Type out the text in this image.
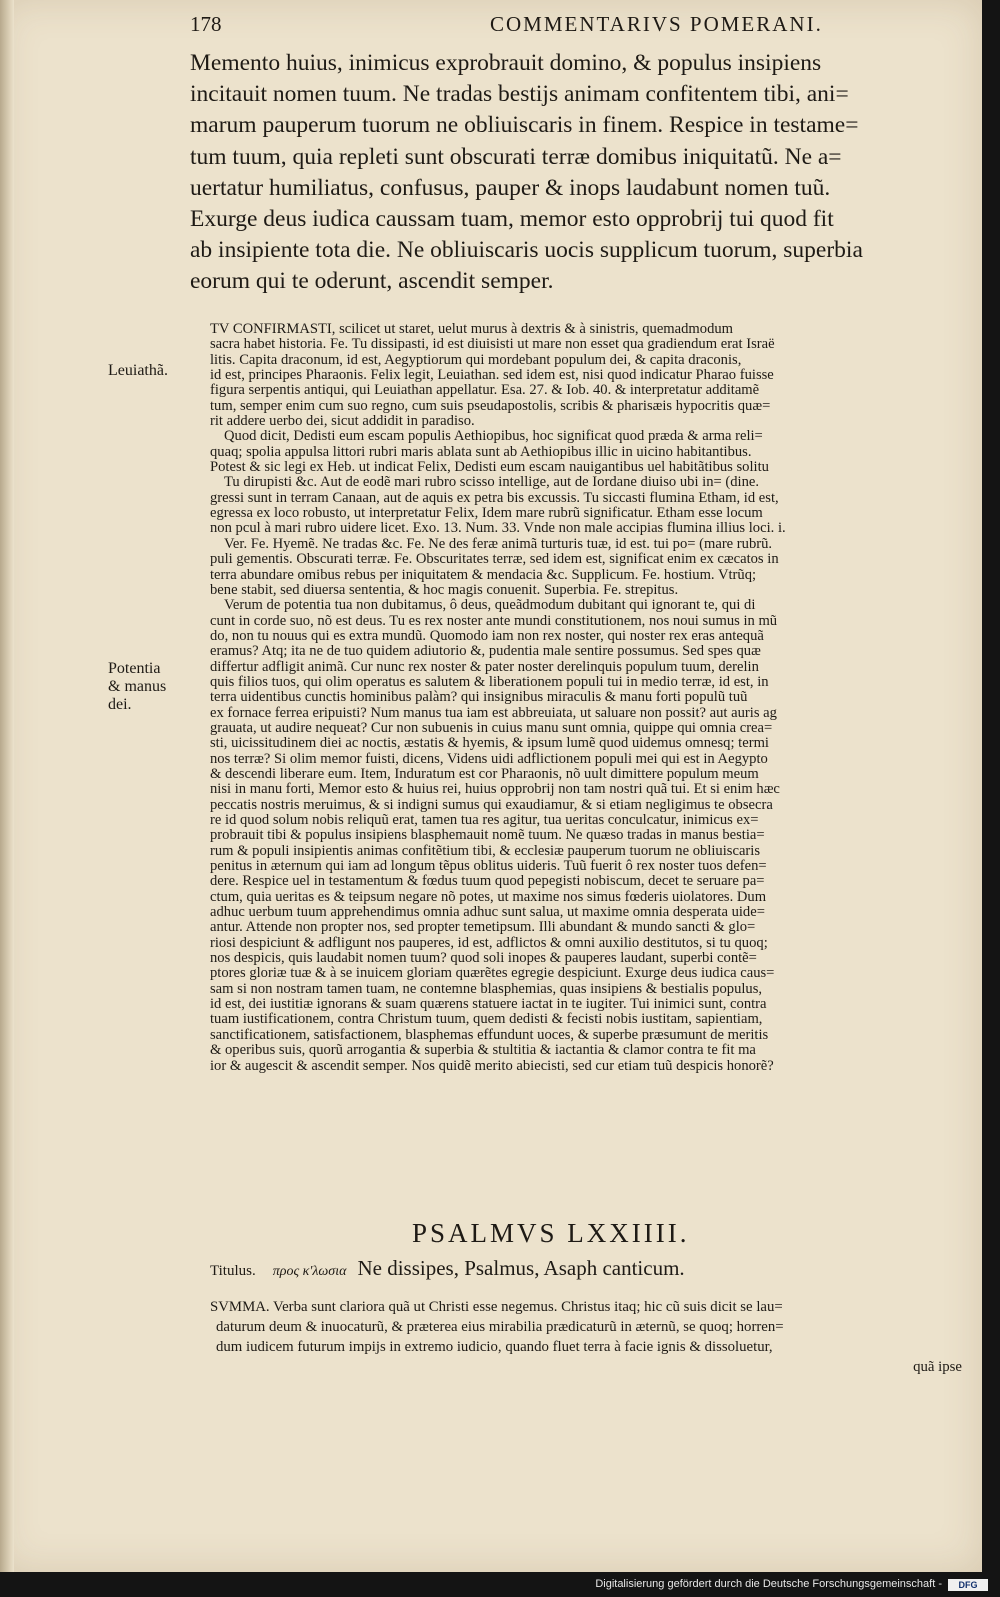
178	COMMENTARIVS POMERANI.
Memento huius, inimicus exprobrauit domino, & populus insipiens
incitauit nomen tuum. Ne tradas bestijs animam confitentem tibi, ani=
marum pauperum tuorum ne obliuiscaris in finem. Respice in testame=
tum tuum, quia repleti sunt obscurati terræ domibus iniquitatũ. Ne a=
uertatur humiliatus, confusus, pauper & inops laudabunt nomen tuũ.
Exurge deus iudica caussam tuam, memor esto opprobrij tui quod fit
ab insipiente tota die. Ne obliuiscaris uocis supplicum tuorum, superbia
eorum qui te oderunt, ascendit semper.
Leuiathã.
Potentia
& manus
dei.
TV CONFIRMASTI, scilicet ut staret, uelut murus à dextris & à sinistris, quemadmodum
sacra habet historia. Fe. Tu dissipasti, id est diuisisti ut mare non esset qua gradiendum erat Israë
litis. Capita draconum, id est, Aegyptiorum qui mordebant populum dei, & capita draconis,
id est, principes Pharaonis. Felix legit, Leuiathan. sed idem est, nisi quod indicatur Pharao fuisse
figura serpentis antiqui, qui Leuiathan appellatur. Esa. 27. & Iob. 40. & interpretatur additamẽ
tum, semper enim cum suo regno, cum suis pseudapostolis, scribis & pharisæis hypocritis quæ=
rit addere uerbo dei, sicut addidit in paradiso.
Quod dicit, Dedisti eum escam populis Aethiopibus, hoc significat quod præda & arma reli=
quaq; spolia appulsa littori rubri maris ablata sunt ab Aethiopibus illic in uicino habitantibus.
Potest & sic legi ex Heb. ut indicat Felix, Dedisti eum escam nauigantibus uel habitãtibus solitu
Tu dirupisti &c. Aut de eodẽ mari rubro scisso intellige, aut de Iordane diuiso ubi in= (dine.
gressi sunt in terram Canaan, aut de aquis ex petra bis excussis. Tu siccasti flumina Etham, id est,
egressa ex loco robusto, ut interpretatur Felix, Idem mare rubrũ significatur. Etham esse locum
non pcul à mari rubro uidere licet. Exo. 13. Num. 33. Vnde non male accipias flumina illius loci. i.
Ver. Fe. Hyemẽ. Ne tradas &c. Fe. Ne des feræ animã turturis tuæ, id est. tui po= (mare rubrũ.
puli gementis. Obscurati terræ. Fe. Obscuritates terræ, sed idem est, significat enim ex cæcatos in
terra abundare omibus rebus per iniquitatem & mendacia &c. Supplicum. Fe. hostium. Vtrũq;
bene stabit, sed diuersa sententia, & hoc magis conuenit. Superbia. Fe. strepitus.
Verum de potentia tua non dubitamus, ô deus, queãdmodum dubitant qui ignorant te, qui di
cunt in corde suo, nõ est deus. Tu es rex noster ante mundi constitutionem, nos noui sumus in mũ
do, non tu nouus qui es extra mundũ. Quomodo iam non rex noster, qui noster rex eras antequã
eramus? Atq; ita ne de tuo quidem adiutorio &, pudentia male sentire possumus. Sed spes quæ
differtur adfligit animã. Cur nunc rex noster & pater noster derelinquis populum tuum, derelin
quis filios tuos, qui olim operatus es salutem & liberationem populi tui in medio terræ, id est, in
terra uidentibus cunctis hominibus palàm? qui insignibus miraculis & manu forti populũ tuũ
ex fornace ferrea eripuisti? Num manus tua iam est abbreuiata, ut saluare non possit? aut auris ag
grauata, ut audire nequeat? Cur non subuenis in cuius manu sunt omnia, quippe qui omnia crea=
sti, uicissitudinem diei ac noctis, æstatis & hyemis, & ipsum lumẽ quod uidemus omnesq; termi
nos terræ? Si olim memor fuisti, dicens, Videns uidi adflictionem populi mei qui est in Aegypto
& descendi liberare eum. Item, Induratum est cor Pharaonis, nõ uult dimittere populum meum
nisi in manu forti, Memor esto & huius rei, huius opprobrij non tam nostri quã tui. Et si enim hæc
peccatis nostris meruimus, & si indigni sumus qui exaudiamur, & si etiam negligimus te obsecra
re id quod solum nobis reliquũ erat, tamen tua res agitur, tua ueritas conculcatur, inimicus ex=
probrauit tibi & populus insipiens blasphemauit nomẽ tuum. Ne quæso tradas in manus bestia=
rum & populi insipientis animas confitẽtium tibi, & ecclesiæ pauperum tuorum ne obliuiscaris
penitus in æternum qui iam ad longum tẽpus oblitus uideris. Tuũ fuerit ô rex noster tuos defen=
dere. Respice uel in testamentum & fœdus tuum quod pepegisti nobiscum, decet te seruare pa=
ctum, quia ueritas es & teipsum negare nõ potes, ut maxime nos simus fœderis uiolatores. Dum
adhuc uerbum tuum apprehendimus omnia adhuc sunt salua, ut maxime omnia desperata uide=
antur. Attende non propter nos, sed propter temetipsum. Illi abundant & mundo sancti & glo=
riosi despiciunt & adfligunt nos pauperes, id est, adflictos & omni auxilio destitutos, si tu quoq;
nos despicis, quis laudabit nomen tuum? quod soli inopes & pauperes laudant, superbi contẽ=
ptores gloriæ tuæ & à se inuicem gloriam quærẽtes egregie despiciunt. Exurge deus iudica caus=
sam si non nostram tamen tuam, ne contemne blasphemias, quas insipiens & bestialis populus,
id est, dei iustitiæ ignorans & suam quærens statuere iactat in te iugiter. Tui inimici sunt, contra
tuam iustificationem, contra Christum tuum, quem dedisti & fecisti nobis iustitam, sapientiam,
sanctificationem, satisfactionem, blasphemas effundunt uoces, & superbe præsumunt de meritis
& operibus suis, quorũ arrogantia & superbia & stultitia & iactantia & clamor contra te fit ma
ior & augescit & ascendit semper. Nos quidẽ merito abiecisti, sed cur etiam tuũ despicis honorẽ?
PSALMVS LXXIIII.
Titulus. προς κ'λωσια Ne dissipes, Psalmus, Asaph canticum.
SVMMA. Verba sunt clariora quã ut Christi esse negemus. Christus itaq; hic cũ suis dicit se lau=
daturum deum & inuocaturũ, & præterea eius mirabilia prædicaturũ in æternũ, se quoq; horren=
dum iudicem futurum impijs in extremo iudicio, quando fluet terra à facie ignis & dissoluetur,
quã ipse
Digitalisierung gefördert durch die Deutsche Forschungsgemeinschaft -	DFG
